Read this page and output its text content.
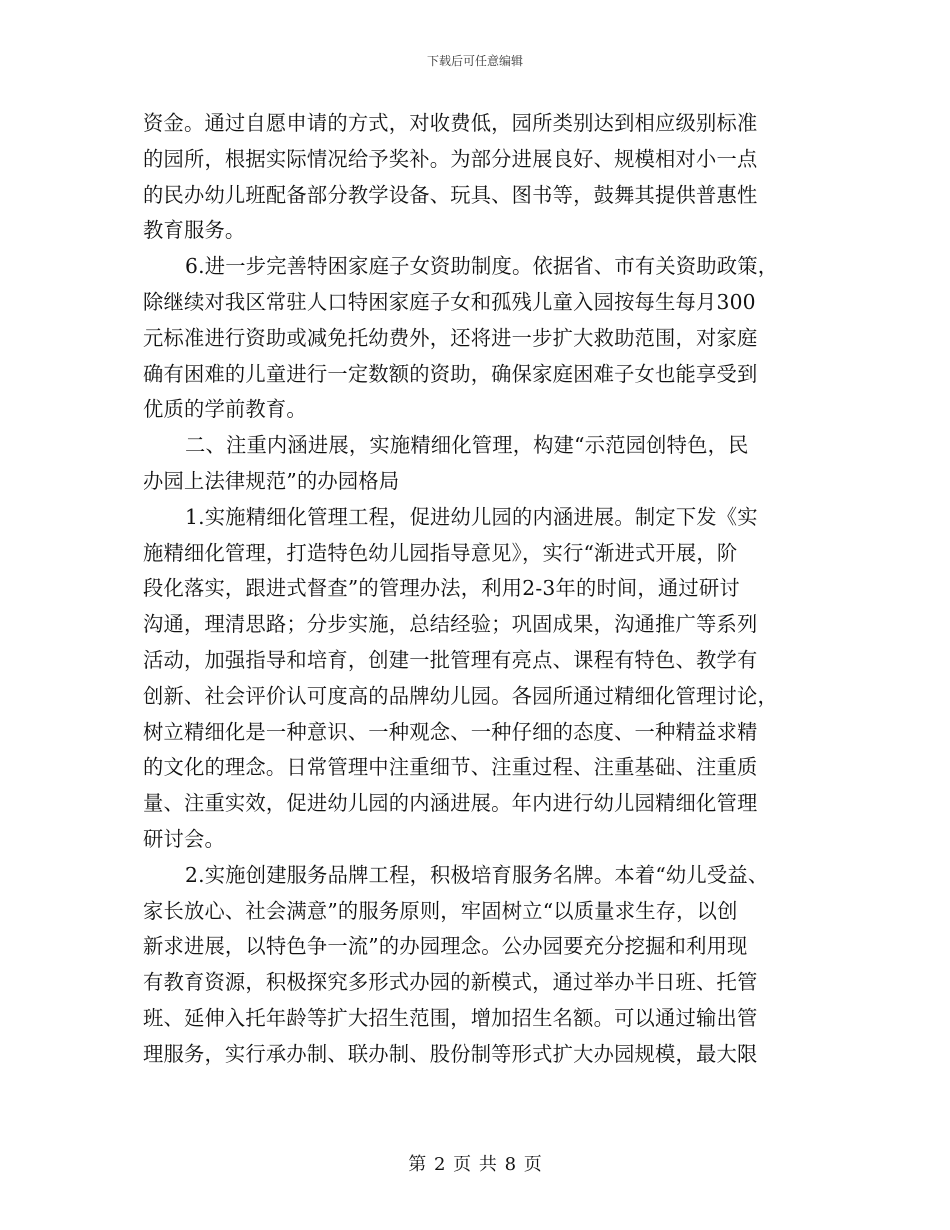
下载后可任意编辑
资金。通过自愿申请的方式，对收费低，园所类别达到相应级别标准
的园所，根据实际情况给予奖补。为部分进展良好、规模相对小一点
的民办幼儿班配备部分教学设备、玩具、图书等，鼓舞其提供普惠性
教育服务。
6.进一步完善特困家庭子女资助制度。依据省、市有关资助政策，
除继续对我区常驻人口特困家庭子女和孤残儿童入园按每生每月300
元标准进行资助或减免托幼费外，还将进一步扩大救助范围，对家庭
确有困难的儿童进行一定数额的资助，确保家庭困难子女也能享受到
优质的学前教育。
二、注重内涵进展，实施精细化管理，构建“示范园创特色，民
办园上法律规范”的办园格局
1.实施精细化管理工程，促进幼儿园的内涵进展。制定下发《实
施精细化管理，打造特色幼儿园指导意见》，实行“渐进式开展，阶
段化落实，跟进式督查”的管理办法，利用2-3年的时间，通过研讨
沟通，理清思路；分步实施，总结经验；巩固成果，沟通推广等系列
活动，加强指导和培育，创建一批管理有亮点、课程有特色、教学有
创新、社会评价认可度高的品牌幼儿园。各园所通过精细化管理讨论，
树立精细化是一种意识、一种观念、一种仔细的态度、一种精益求精
的文化的理念。日常管理中注重细节、注重过程、注重基础、注重质
量、注重实效，促进幼儿园的内涵进展。年内进行幼儿园精细化管理
研讨会。
2.实施创建服务品牌工程，积极培育服务名牌。本着“幼儿受益、
家长放心、社会满意”的服务原则，牢固树立“以质量求生存，以创
新求进展，以特色争一流”的办园理念。公办园要充分挖掘和利用现
有教育资源，积极探究多形式办园的新模式，通过举办半日班、托管
班、延伸入托年龄等扩大招生范围，增加招生名额。可以通过输出管
理服务，实行承办制、联办制、股份制等形式扩大办园规模，最大限
第 2 页 共 8 页
